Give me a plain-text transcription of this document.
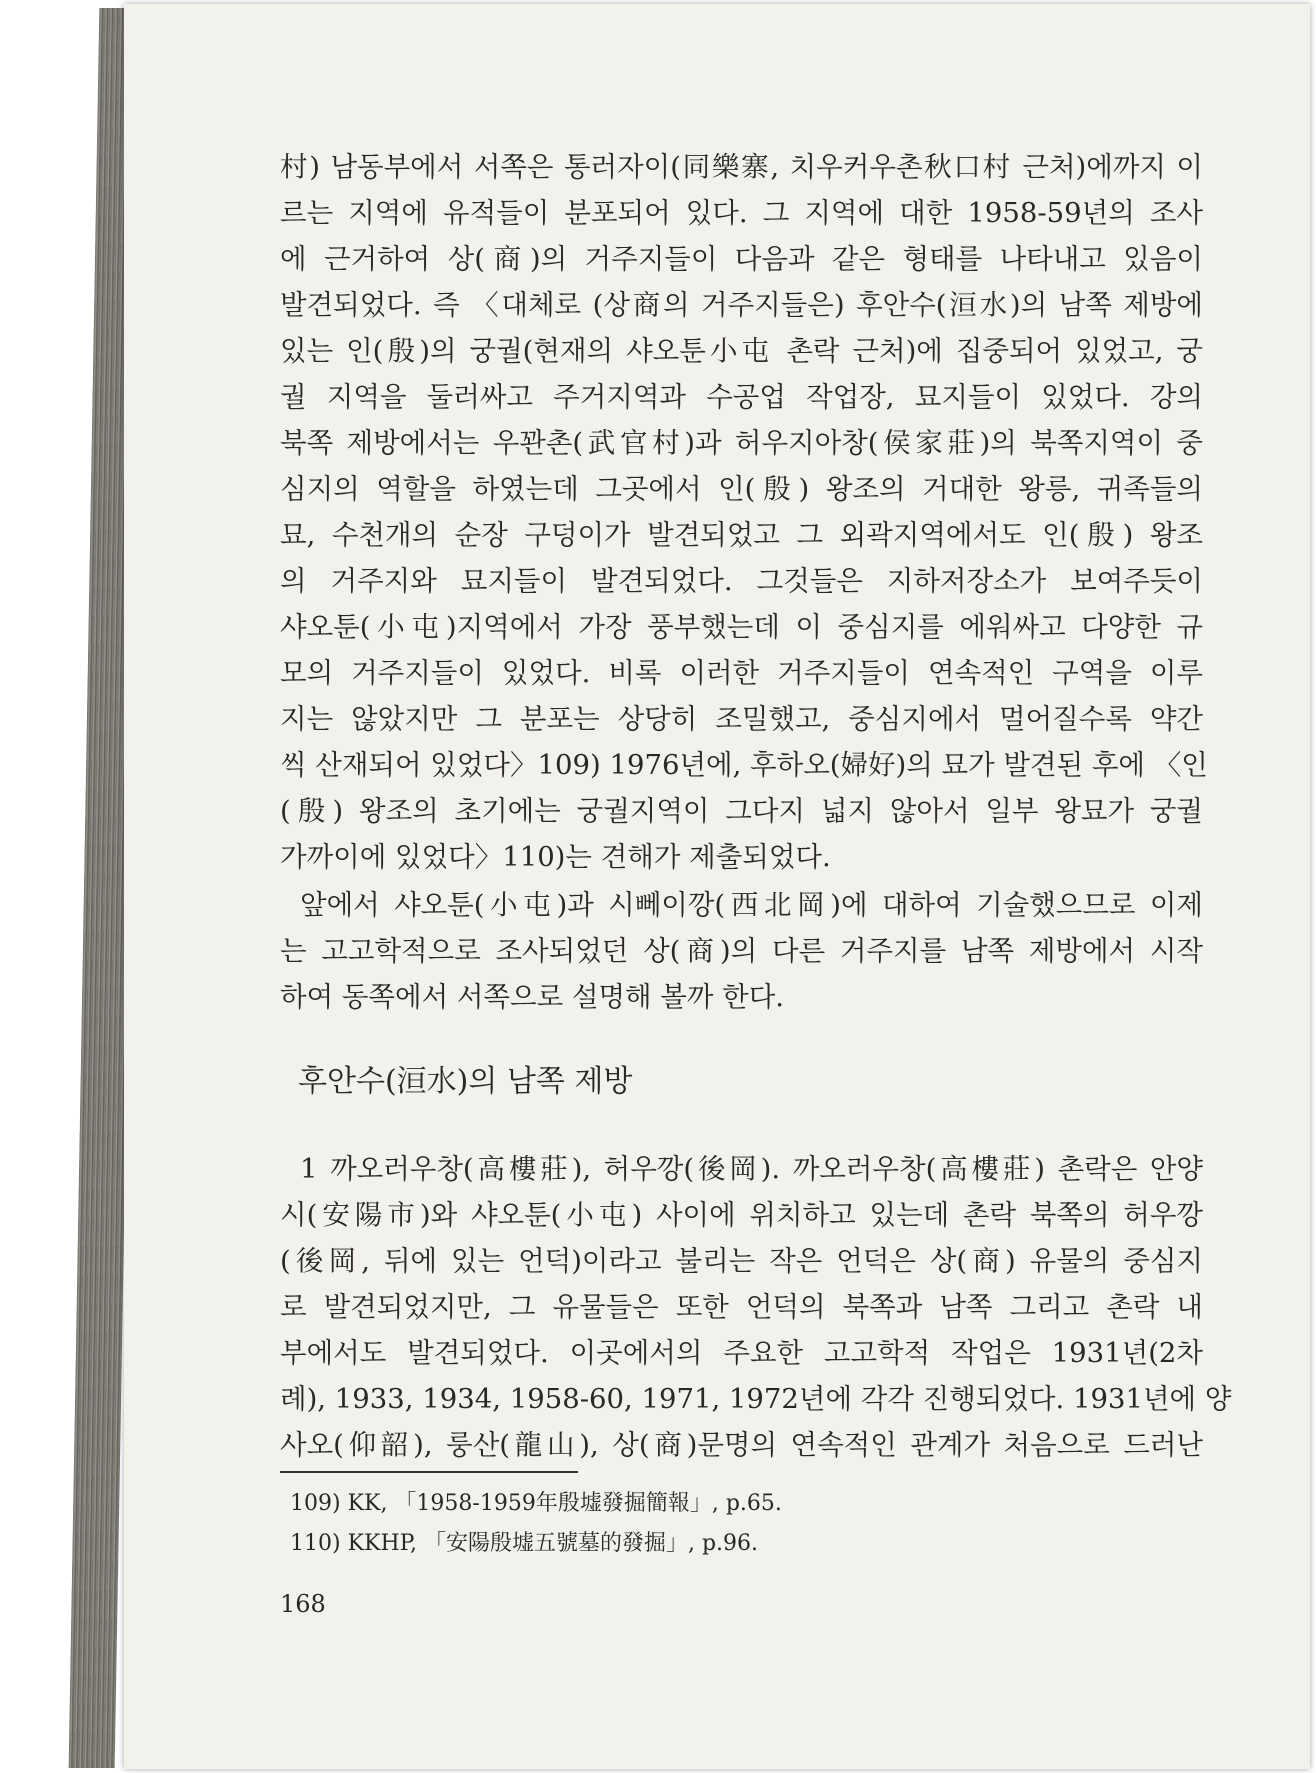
村) 남동부에서 서쪽은 통러자이(同樂寨, 치우커우촌秋口村 근처)에까지 이
르는 지역에 유적들이 분포되어 있다. 그 지역에 대한 1958-59년의 조사
에 근거하여 상(商)의 거주지들이 다음과 같은 형태를 나타내고 있음이
발견되었다. 즉 〈대체로 (상商의 거주지들은) 후안수(洹水)의 남쪽 제방에
있는 인(殷)의 궁궐(현재의 샤오툰小屯 촌락 근처)에 집중되어 있었고, 궁
궐 지역을 둘러싸고 주거지역과 수공업 작업장, 묘지들이 있었다. 강의
북쪽 제방에서는 우꽌촌(武官村)과 허우지아창(侯家莊)의 북쪽지역이 중
심지의 역할을 하였는데 그곳에서 인(殷) 왕조의 거대한 왕릉, 귀족들의
묘, 수천개의 순장 구덩이가 발견되었고 그 외곽지역에서도 인(殷) 왕조
의 거주지와 묘지들이 발견되었다. 그것들은 지하저장소가 보여주듯이
샤오툰(小屯)지역에서 가장 풍부했는데 이 중심지를 에워싸고 다양한 규
모의 거주지들이 있었다. 비록 이러한 거주지들이 연속적인 구역을 이루
지는 않았지만 그 분포는 상당히 조밀했고, 중심지에서 멀어질수록 약간
씩 산재되어 있었다〉109) 1976년에, 후하오(婦好)의 묘가 발견된 후에 〈인
(殷) 왕조의 초기에는 궁궐지역이 그다지 넓지 않아서 일부 왕묘가 궁궐
가까이에 있었다〉110)는 견해가 제출되었다.
앞에서 샤오툰(小屯)과 시뻬이깡(西北岡)에 대하여 기술했으므로 이제
는 고고학적으로 조사되었던 상(商)의 다른 거주지를 남쪽 제방에서 시작
하여 동쪽에서 서쪽으로 설명해 볼까 한다.
후안수(洹水)의 남쪽 제방
1 까오러우창(高樓莊), 허우깡(後岡). 까오러우창(高樓莊) 촌락은 안양
시(安陽市)와 샤오툰(小屯) 사이에 위치하고 있는데 촌락 북쪽의 허우깡
(後岡, 뒤에 있는 언덕)이라고 불리는 작은 언덕은 상(商) 유물의 중심지
로 발견되었지만, 그 유물들은 또한 언덕의 북쪽과 남쪽 그리고 촌락 내
부에서도 발견되었다. 이곳에서의 주요한 고고학적 작업은 1931년(2차
례), 1933, 1934, 1958-60, 1971, 1972년에 각각 진행되었다. 1931년에 양
사오(仰韶), 룽산(龍山), 상(商)문명의 연속적인 관계가 처음으로 드러난
109) KK, 「1958-1959年殷墟發掘簡報」, p.65.
110) KKHP, 「安陽殷墟五號墓的發掘」, p.96.
168
